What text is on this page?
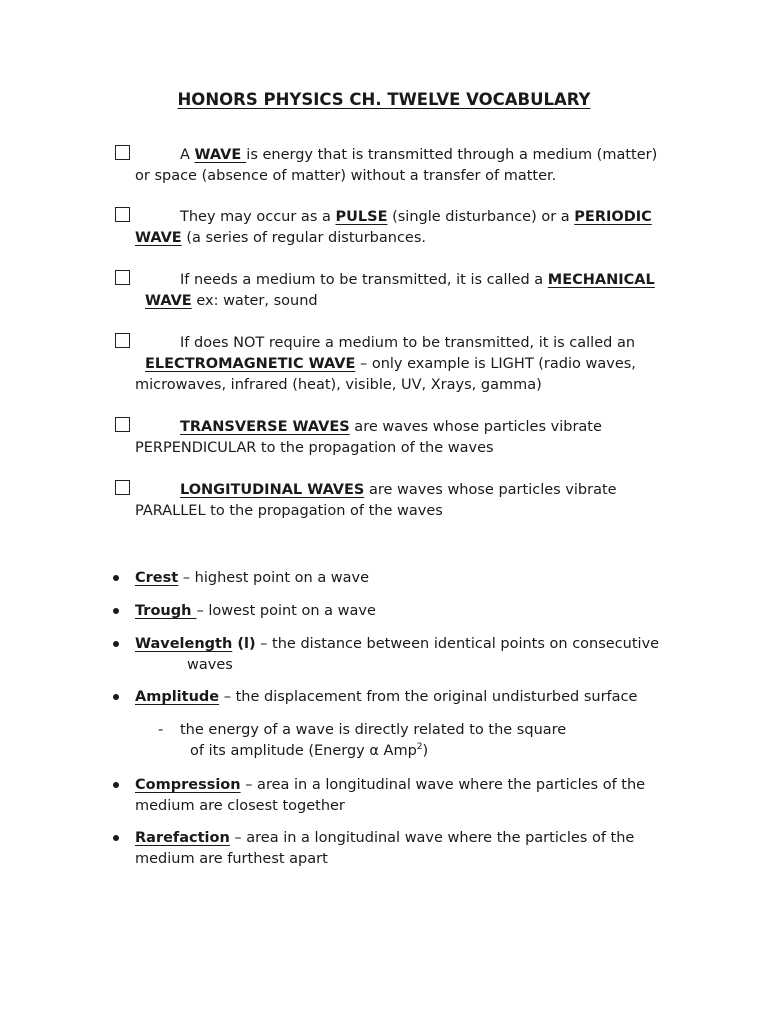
HONORS PHYSICS CH. TWELVE VOCABULARY
A WAVE is energy that is transmitted through a medium (matter)
or space (absence of matter) without a transfer of matter.
They may occur as a PULSE (single disturbance) or a PERIODIC
WAVE (a series of regular disturbances.
If needs a medium to be transmitted, it is called a MECHANICAL
WAVE ex: water, sound
If does NOT require a medium to be transmitted, it is called an
ELECTROMAGNETIC WAVE – only example is LIGHT (radio waves,
microwaves, infrared (heat), visible, UV, Xrays, gamma)
TRANSVERSE WAVES are waves whose particles vibrate
PERPENDICULAR to the propagation of the waves
LONGITUDINAL WAVES are waves whose particles vibrate
PARALLEL to the propagation of the waves
Crest – highest point on a wave
Trough – lowest point on a wave
Wavelength (l) – the distance between identical points on consecutive
waves
Amplitude – the displacement from the original undisturbed surface
- the energy of a wave is directly related to the square
of its amplitude (Energy α Amp$^2$)
Compression – area in a longitudinal wave where the particles of the
medium are closest together
Rarefaction – area in a longitudinal wave where the particles of the
medium are furthest apart
